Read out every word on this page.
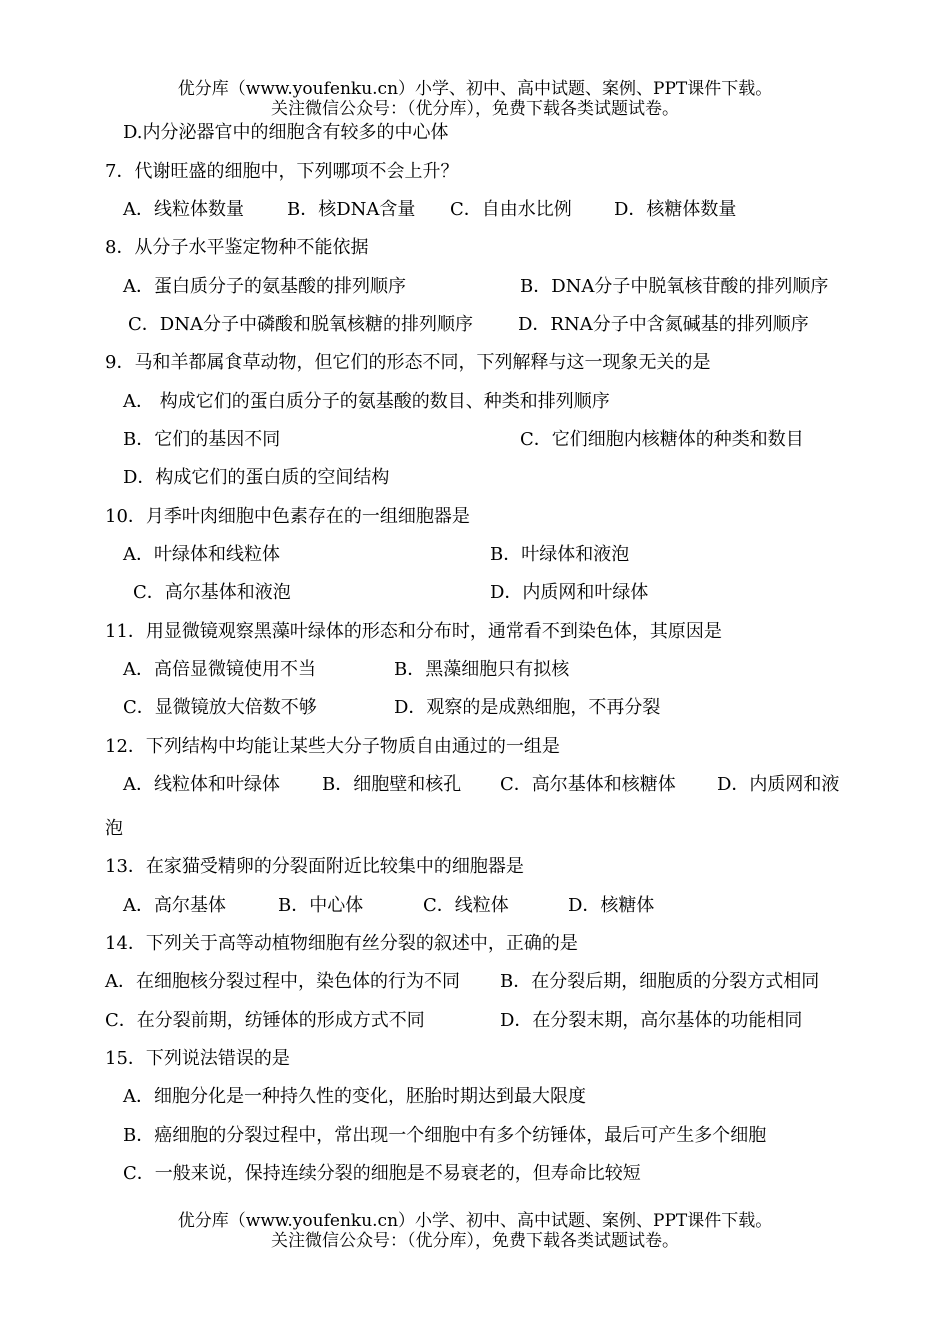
优分库（www.youfenku.cn）小学、初中、高中试题、案例、PPT课件下载。
关注微信公众号：（优分库），免费下载各类试题试卷。
D.内分泌器官中的细胞含有较多的中心体
7．代谢旺盛的细胞中，下列哪项不会上升？
A．线粒体数量 B．核DNA含量 C．自由水比例 D．核糖体数量
8．从分子水平鉴定物种不能依据
A．蛋白质分子的氨基酸的排列顺序	B．DNA分子中脱氧核苷酸的排列顺序
C．DNA分子中磷酸和脱氧核糖的排列顺序	D．RNA分子中含氮碱基的排列顺序
9．马和羊都属食草动物，但它们的形态不同，下列解释与这一现象无关的是
A． 构成它们的蛋白质分子的氨基酸的数目、种类和排列顺序
B．它们的基因不同	C．它们细胞内核糖体的种类和数目
D．构成它们的蛋白质的空间结构
10．月季叶肉细胞中色素存在的一组细胞器是
A．叶绿体和线粒体	B．叶绿体和液泡
C．高尔基体和液泡	D．内质网和叶绿体
11．用显微镜观察黑藻叶绿体的形态和分布时，通常看不到染色体，其原因是
A．高倍显微镜使用不当	B．黑藻细胞只有拟核
C．显微镜放大倍数不够	D．观察的是成熟细胞，不再分裂
12．下列结构中均能让某些大分子物质自由通过的一组是
A．线粒体和叶绿体 B．细胞壁和核孔 C．高尔基体和核糖体 D．内质网和液
泡
13．在家猫受精卵的分裂面附近比较集中的细胞器是
A．高尔基体	B．中心体	C．线粒体	D．核糖体
14．下列关于高等动植物细胞有丝分裂的叙述中，正确的是
A．在细胞核分裂过程中，染色体的行为不同 B．在分裂后期，细胞质的分裂方式相同
C．在分裂前期，纺锤体的形成方式不同	D．在分裂末期，高尔基体的功能相同
15．下列说法错误的是
A．细胞分化是一种持久性的变化，胚胎时期达到最大限度
B．癌细胞的分裂过程中，常出现一个细胞中有多个纺锤体，最后可产生多个细胞
C．一般来说，保持连续分裂的细胞是不易衰老的，但寿命比较短
优分库（www.youfenku.cn）小学、初中、高中试题、案例、PPT课件下载。
关注微信公众号：（优分库），免费下载各类试题试卷。
